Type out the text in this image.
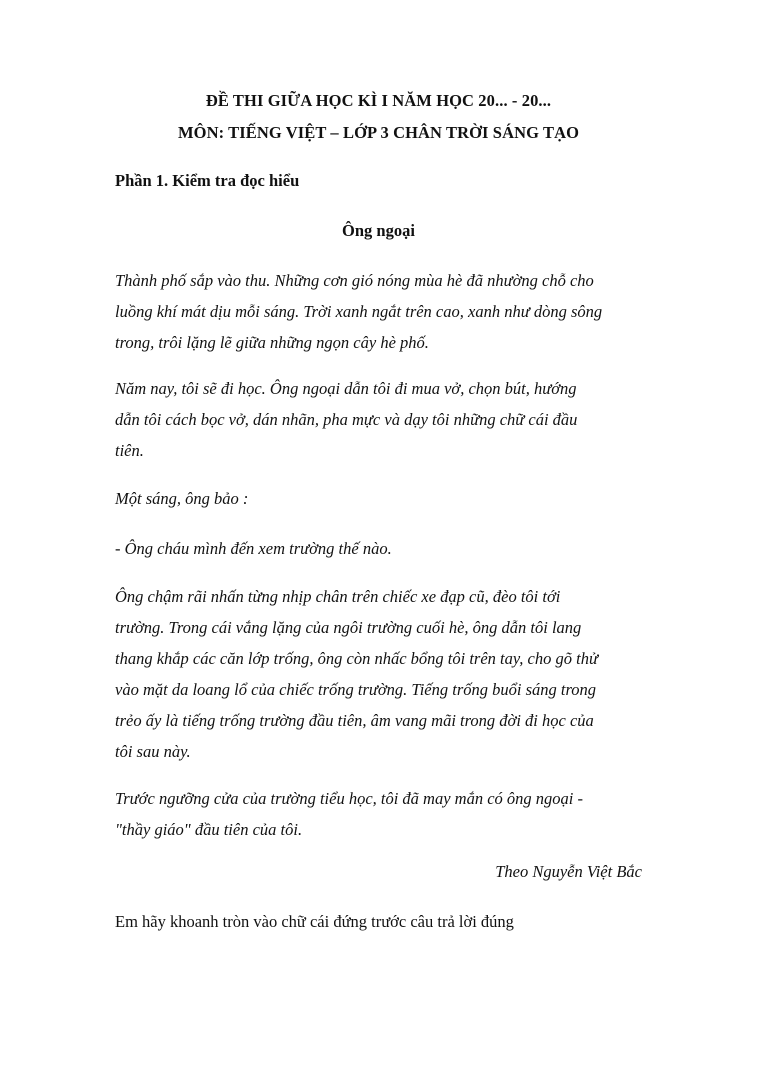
ĐỀ THI GIỮA HỌC KÌ I NĂM HỌC 20... - 20...

MÔN: TIẾNG VIỆT – LỚP 3 CHÂN TRỜI SÁNG TẠO

Phần 1. Kiểm tra đọc hiểu

Ông ngoại

Thành phố sắp vào thu. Những cơn gió nóng mùa hè đã nhường chỗ cho
luồng khí mát dịu mỗi sáng. Trời xanh ngắt trên cao, xanh như dòng sông
trong, trôi lặng lẽ giữa những ngọn cây hè phố.

Năm nay, tôi sẽ đi học. Ông ngoại dẫn tôi đi mua vở, chọn bút, hướng
dẫn tôi cách bọc vở, dán nhãn, pha mực và dạy tôi những chữ cái đầu
tiên.

Một sáng, ông bảo :

- Ông cháu mình đến xem trường thế nào.

Ông chậm rãi nhấn từng nhịp chân trên chiếc xe đạp cũ, đèo tôi tới
trường. Trong cái vắng lặng của ngôi trường cuối hè, ông dẫn tôi lang
thang khắp các căn lớp trống, ông còn nhấc bổng tôi trên tay, cho gõ thử
vào mặt da loang lổ của chiếc trống trường. Tiếng trống buổi sáng trong
trẻo ấy là tiếng trống trường đầu tiên, âm vang mãi trong đời đi học của
tôi sau này.

Trước ngưỡng cửa của trường tiểu học, tôi đã may mắn có ông ngoại -
"thầy giáo" đầu tiên của tôi.

Theo Nguyễn Việt Bắc

Em hãy khoanh tròn vào chữ cái đứng trước câu trả lời đúng
